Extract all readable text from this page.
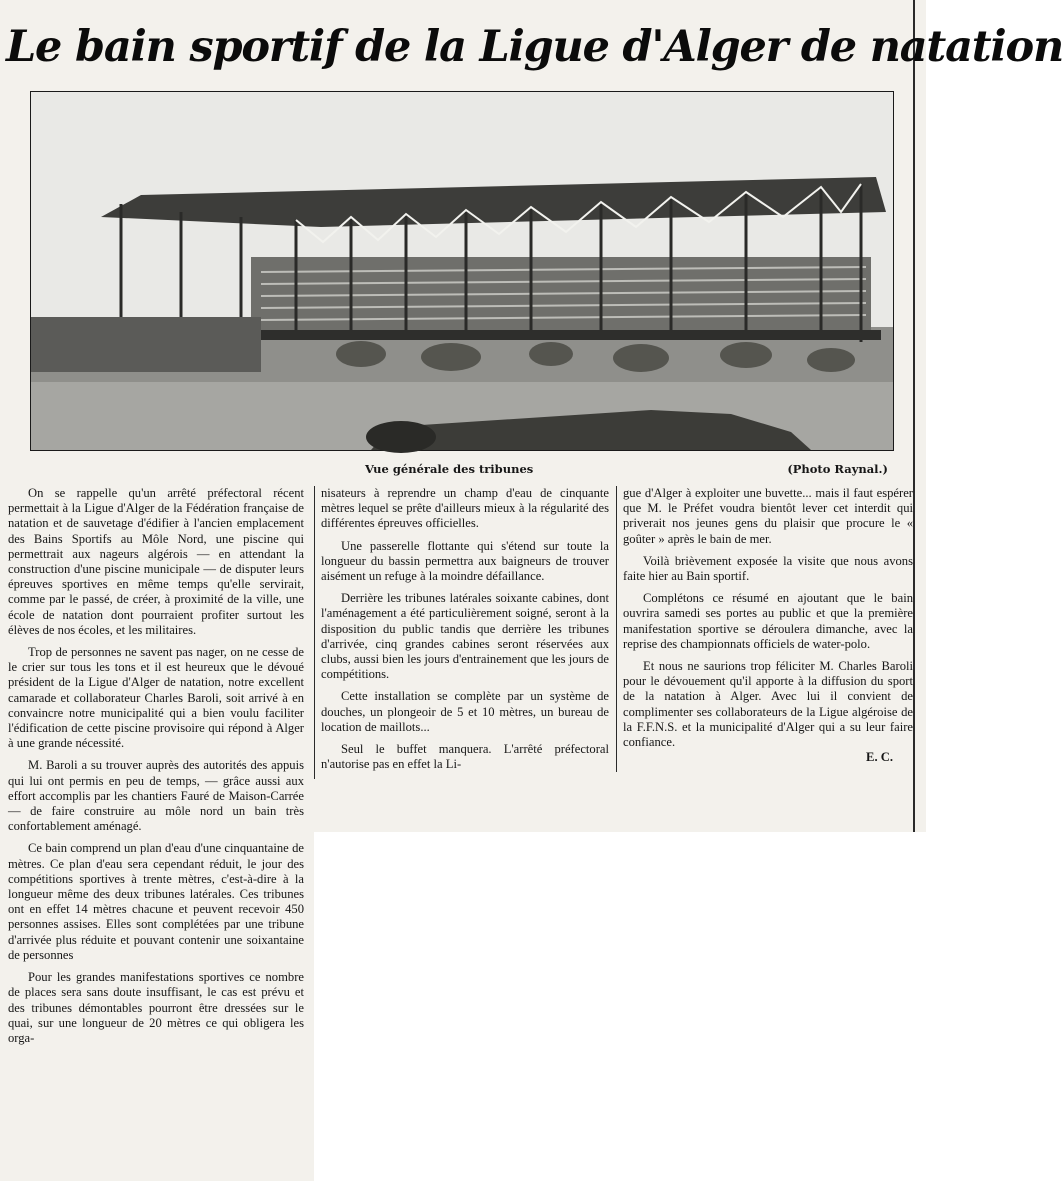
Le bain sportif de la Ligue d'Alger de natation
Vue générale des tribunes	(Photo Raynal.)

On se rappelle qu'un arrêté préfectoral récent permettait à la Ligue d'Alger de la Fédération française de natation et de sauvetage d'édifier à l'ancien emplacement des Bains Sportifs au Môle Nord, une piscine qui permettrait aux nageurs algérois — en attendant la construction d'une piscine municipale — de disputer leurs épreuves sportives en même temps qu'elle servirait, comme par le passé, de créer, à proximité de la ville, une école de natation dont pourraient profiter surtout les élèves de nos écoles, et les militaires.

Trop de personnes ne savent pas nager, on ne cesse de le crier sur tous les tons et il est heureux que le dévoué président de la Ligue d'Alger de natation, notre excellent camarade et collaborateur Charles Baroli, soit arrivé à en convaincre notre municipalité qui a bien voulu faciliter l'édification de cette piscine provisoire qui répond à Alger à une grande nécessité.

M. Baroli a su trouver auprès des autorités des appuis qui lui ont permis en peu de temps, — grâce aussi aux effort accomplis par les chantiers Fauré de Maison-Carrée — de faire construire au môle nord un bain très confortablement aménagé.

Ce bain comprend un plan d'eau d'une cinquantaine de mètres. Ce plan d'eau sera cependant réduit, le jour des compétitions sportives à trente mètres, c'est-à-dire à la longueur même des deux tribunes latérales. Ces tribunes ont en effet 14 mètres chacune et peuvent recevoir 450 personnes assises. Elles sont complétées par une tribune d'arrivée plus réduite et pouvant contenir une soixantaine de personnes

Pour les grandes manifestations sportives ce nombre de places sera sans doute insuffisant, le cas est prévu et des tribunes démontables pourront être dressées sur le quai, sur une longueur de 20 mètres ce qui obligera les orga-

nisateurs à reprendre un champ d'eau de cinquante mètres lequel se prête d'ailleurs mieux à la régularité des différentes épreuves officielles.

Une passerelle flottante qui s'étend sur toute la longueur du bassin permettra aux baigneurs de trouver aisément un refuge à la moindre défaillance.

Derrière les tribunes latérales soixante cabines, dont l'aménagement a été particulièrement soigné, seront à la disposition du public tandis que derrière les tribunes d'arrivée, cinq grandes cabines seront réservées aux clubs, aussi bien les jours d'entrainement que les jours de compétitions.

Cette installation se complète par un système de douches, un plongeoir de 5 et 10 mètres, un bureau de location de maillots...

Seul le buffet manquera. L'arrêté préfectoral n'autorise pas en effet la Li-

gue d'Alger à exploiter une buvette... mais il faut espérer que M. le Préfet voudra bientôt lever cet interdit qui priverait nos jeunes gens du plaisir que procure le « goûter » après le bain de mer.

Voilà brièvement exposée la visite que nous avons faite hier au Bain sportif.

Complétons ce résumé en ajoutant que le bain ouvrira samedi ses portes au public et que la première manifestation sportive se déroulera dimanche, avec la reprise des championnats officiels de water-polo.

Et nous ne saurions trop féliciter M. Charles Baroli pour le dévouement qu'il apporte à la diffusion du sport de la natation à Alger. Avec lui il convient de complimenter ses collaborateurs de la Ligue algéroise de la F.F.N.S. et la municipalité d'Alger qui a su leur faire confiance.

E. C.
